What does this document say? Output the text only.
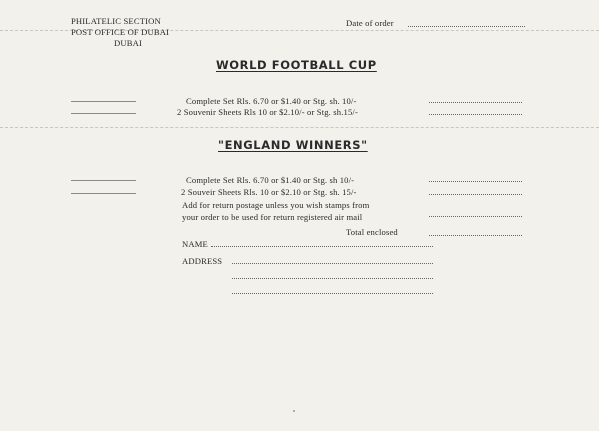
PHILATELIC SECTION
POST OFFICE OF DUBAI
DUBAI
Date of order
WORLD FOOTBALL CUP
Complete Set Rls. 6.70 or $1.40 or Stg. sh. 10/-
2 Souvenir Sheets Rls 10 or $2.10/- or Stg. sh.15/-
"ENGLAND WINNERS"
Complete Set Rls. 6.70 or $1.40 or Stg. sh 10/-
2 Souveir Sheets Rls. 10 or $2.10 or Stg. sh. 15/-
Add for return postage unless you wish stamps from
your order to be used for return registered air mail
Total enclosed
NAME
ADDRESS
